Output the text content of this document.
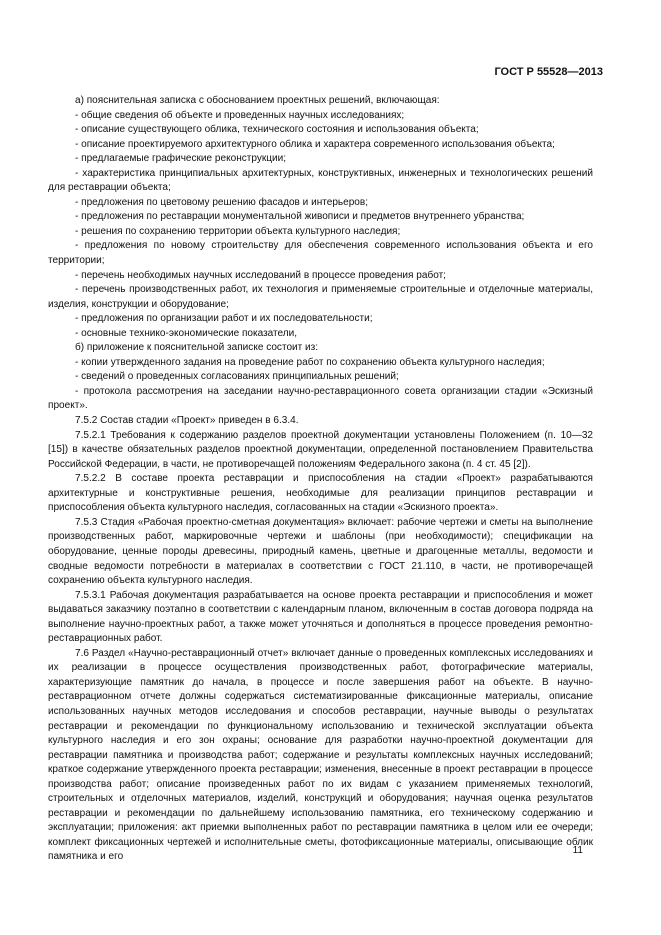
ГОСТ Р 55528—2013

а) пояснительная записка с обоснованием проектных решений, включающая:

- общие сведения об объекте и проведенных научных исследованиях;

- описание существующего облика, технического состояния и использования объекта;

- описание проектируемого архитектурного облика и характера современного использования объекта;

- предлагаемые графические реконструкции;

- характеристика принципиальных архитектурных, конструктивных, инженерных и технологических решений для реставрации объекта;

- предложения по цветовому решению фасадов и интерьеров;

- предложения по реставрации монументальной живописи и предметов внутреннего убранства;

- решения по сохранению территории объекта культурного наследия;

- предложения по новому строительству для обеспечения современного использования объекта и его территории;

- перечень необходимых научных исследований в процессе проведения работ;

- перечень производственных работ, их технология и применяемые строительные и отделочные материалы, изделия, конструкции и оборудование;

- предложения по организации работ и их последовательности;

- основные технико-экономические показатели,

б) приложение к пояснительной записке состоит из:

- копии утвержденного задания на проведение работ по сохранению объекта культурного наследия;

- сведений о проведенных согласованиях принципиальных решений;

- протокола рассмотрения на заседании научно-реставрационного совета организации стадии «Эскизный проект».

7.5.2 Состав стадии «Проект» приведен в 6.3.4.

7.5.2.1 Требования к содержанию разделов проектной документации установлены Положением (п. 10—32 [15]) в качестве обязательных разделов проектной документации, определенной постановлением Правительства Российской Федерации, в части, не противоречащей положениям Федерального закона (п. 4 ст. 45 [2]).

7.5.2.2 В составе проекта реставрации и приспособления на стадии «Проект» разрабатываются архитектурные и конструктивные решения, необходимые для реализации принципов реставрации и приспособления объекта культурного наследия, согласованных на стадии «Эскизного проекта».

7.5.3 Стадия «Рабочая проектно-сметная документация» включает: рабочие чертежи и сметы на выполнение производственных работ, маркировочные чертежи и шаблоны (при необходимости); спецификации на оборудование, ценные породы древесины, природный камень, цветные и драгоценные металлы, ведомости и сводные ведомости потребности в материалах в соответствии с ГОСТ 21.110, в части, не противоречащей сохранению объекта культурного наследия.

7.5.3.1 Рабочая документация разрабатывается на основе проекта реставрации и приспособления и может выдаваться заказчику поэтапно в соответствии с календарным планом, включенным в состав договора подряда на выполнение научно-проектных работ, а также может уточняться и дополняться в процессе проведения ремонтно-реставрационных работ.

7.6 Раздел «Научно-реставрационный отчет» включает данные о проведенных комплексных исследованиях и их реализации в процессе осуществления производственных работ, фотографические материалы, характеризующие памятник до начала, в процессе и после завершения работ на объекте. В научно-реставрационном отчете должны содержаться систематизированные фиксационные материалы, описание использованных научных методов исследования и способов реставрации, научные выводы о результатах реставрации и рекомендации по функциональному использованию и технической эксплуатации объекта культурного наследия и его зон охраны; основание для разработки научно-проектной документации для реставрации памятника и производства работ; содержание и результаты комплексных научных исследований; краткое содержание утвержденного проекта реставрации; изменения, внесенные в проект реставрации в процессе производства работ; описание произведенных работ по их видам с указанием применяемых технологий, строительных и отделочных материалов, изделий, конструкций и оборудования; научная оценка результатов реставрации и рекомендации по дальнейшему использованию памятника, его техническому содержанию и эксплуатации; приложения: акт приемки выполненных работ по реставрации памятника в целом или ее очереди; комплект фиксационных чертежей и исполнительные сметы, фотофиксационные материалы, описывающие облик памятника и его

11
